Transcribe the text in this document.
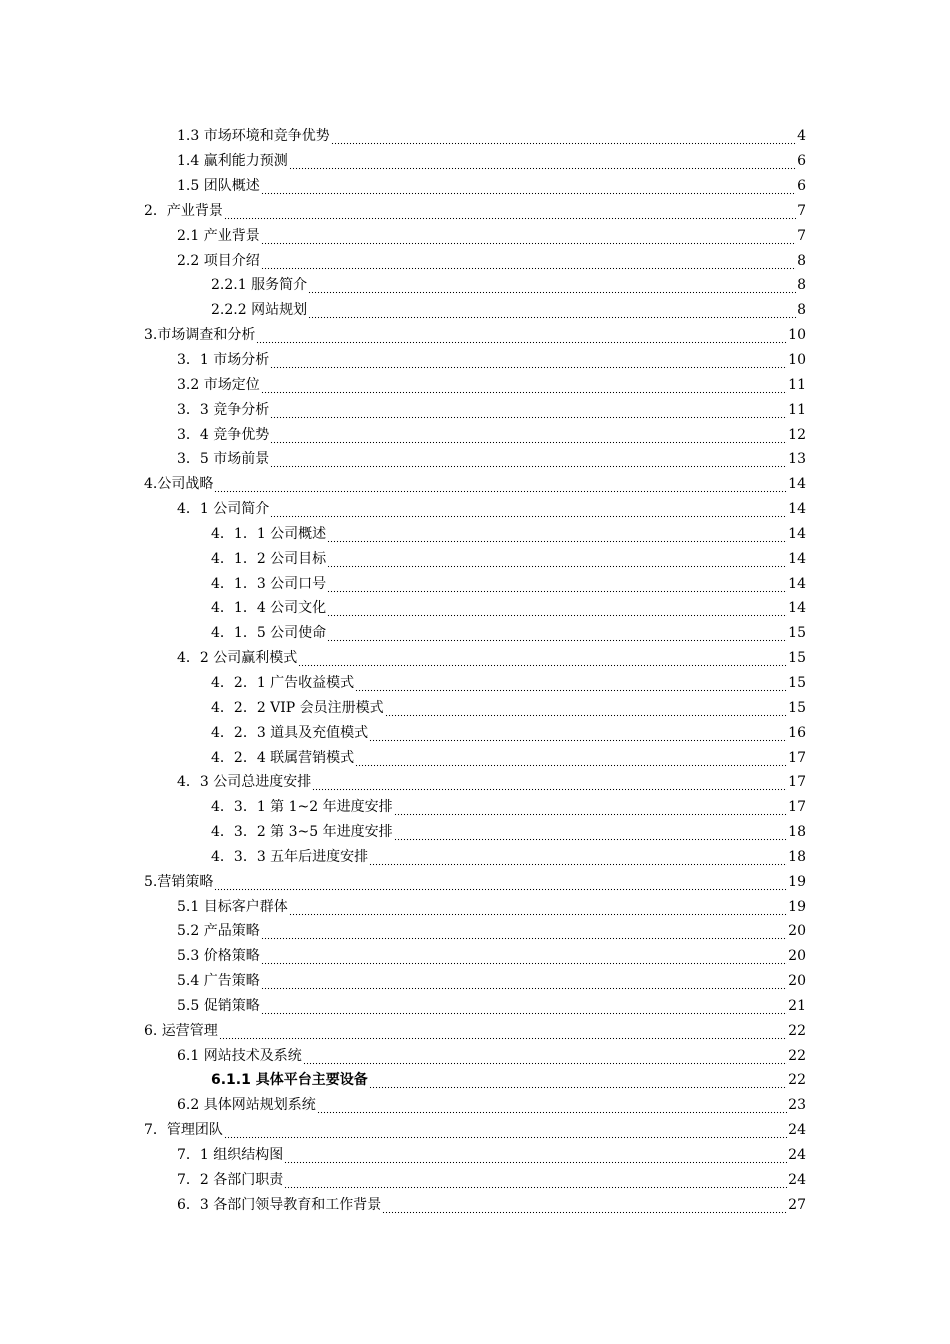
1.3 市场环境和竞争优势	4
1.4 赢利能力预测	6
1.5 团队概述	6
2．产业背景	7
2.1 产业背景	7
2.2 项目介绍	8
2.2.1 服务简介	8
2.2.2 网站规划	8
3.市场调查和分析	10
3．1 市场分析	10
3.2 市场定位	11
3．3 竞争分析	11
3．4 竞争优势	12
3．5 市场前景	13
4.公司战略	14
4．1 公司简介	14
4．1．1 公司概述	14
4．1．2 公司目标	14
4．1．3 公司口号	14
4．1．4 公司文化	14
4．1．5 公司使命	15
4．2 公司赢利模式	15
4．2．1 广告收益模式	15
4．2．2 VIP 会员注册模式	15
4．2．3 道具及充值模式	16
4．2．4 联属营销模式	17
4．3 公司总进度安排	17
4．3．1 第 1~2 年进度安排	17
4．3．2 第 3~5 年进度安排	18
4．3．3 五年后进度安排	18
5.营销策略	19
5.1 目标客户群体	19
5.2 产品策略	20
5.3 价格策略	20
5.4 广告策略	20
5.5 促销策略	21
6. 运营管理	22
6.1 网站技术及系统	22
6.1.1 具体平台主要设备	22
6.2 具体网站规划系统	23
7．管理团队	24
7．1 组织结构图	24
7．2 各部门职责	24
6．3 各部门领导教育和工作背景	27
